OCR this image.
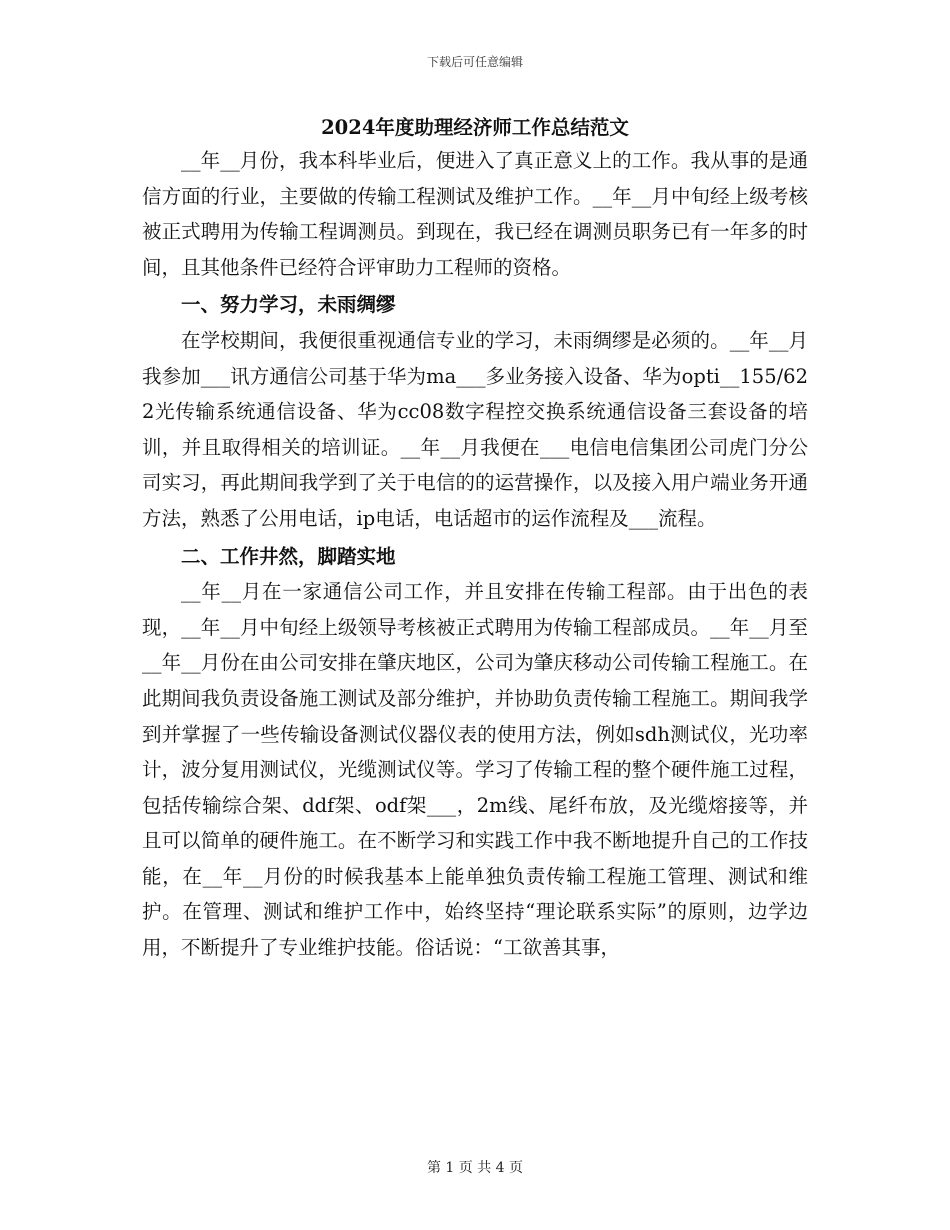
下载后可任意编辑
2024年度助理经济师工作总结范文

__年__月份，我本科毕业后，便进入了真正意义上的工作。我从事的是通信方面的行业，主要做的传输工程测试及维护工作。__年__月中旬经上级考核被正式聘用为传输工程调测员。到现在，我已经在调测员职务已有一年多的时间，且其他条件已经符合评审助力工程师的资格。

一、努力学习，未雨绸缪

在学校期间，我便很重视通信专业的学习，未雨绸缪是必须的。__年__月我参加___讯方通信公司基于华为ma___多业务接入设备、华为opti__155/622光传输系统通信设备、华为cc08数字程控交换系统通信设备三套设备的培训，并且取得相关的培训证。__年__月我便在___电信电信集团公司虎门分公司实习，再此期间我学到了关于电信的的运营操作，以及接入用户端业务开通方法，熟悉了公用电话，ip电话，电话超市的运作流程及___流程。

二、工作井然，脚踏实地

__年__月在一家通信公司工作，并且安排在传输工程部。由于出色的表现，__年__月中旬经上级领导考核被正式聘用为传输工程部成员。__年__月至__年__月份在由公司安排在肇庆地区，公司为肇庆移动公司传输工程施工。在此期间我负责设备施工测试及部分维护，并协助负责传输工程施工。期间我学到并掌握了一些传输设备测试仪器仪表的使用方法，例如sdh测试仪，光功率计，波分复用测试仪，光缆测试仪等。学习了传输工程的整个硬件施工过程，包括传输综合架、ddf架、odf架___，2m线、尾纤布放，及光缆熔接等，并且可以简单的硬件施工。在不断学习和实践工作中我不断地提升自己的工作技能，在__年__月份的时候我基本上能单独负责传输工程施工管理、测试和维护。在管理、测试和维护工作中，始终坚持“理论联系实际”的原则，边学边用，不断提升了专业维护技能。俗话说：“工欲善其事，

第 1 页 共 4 页
